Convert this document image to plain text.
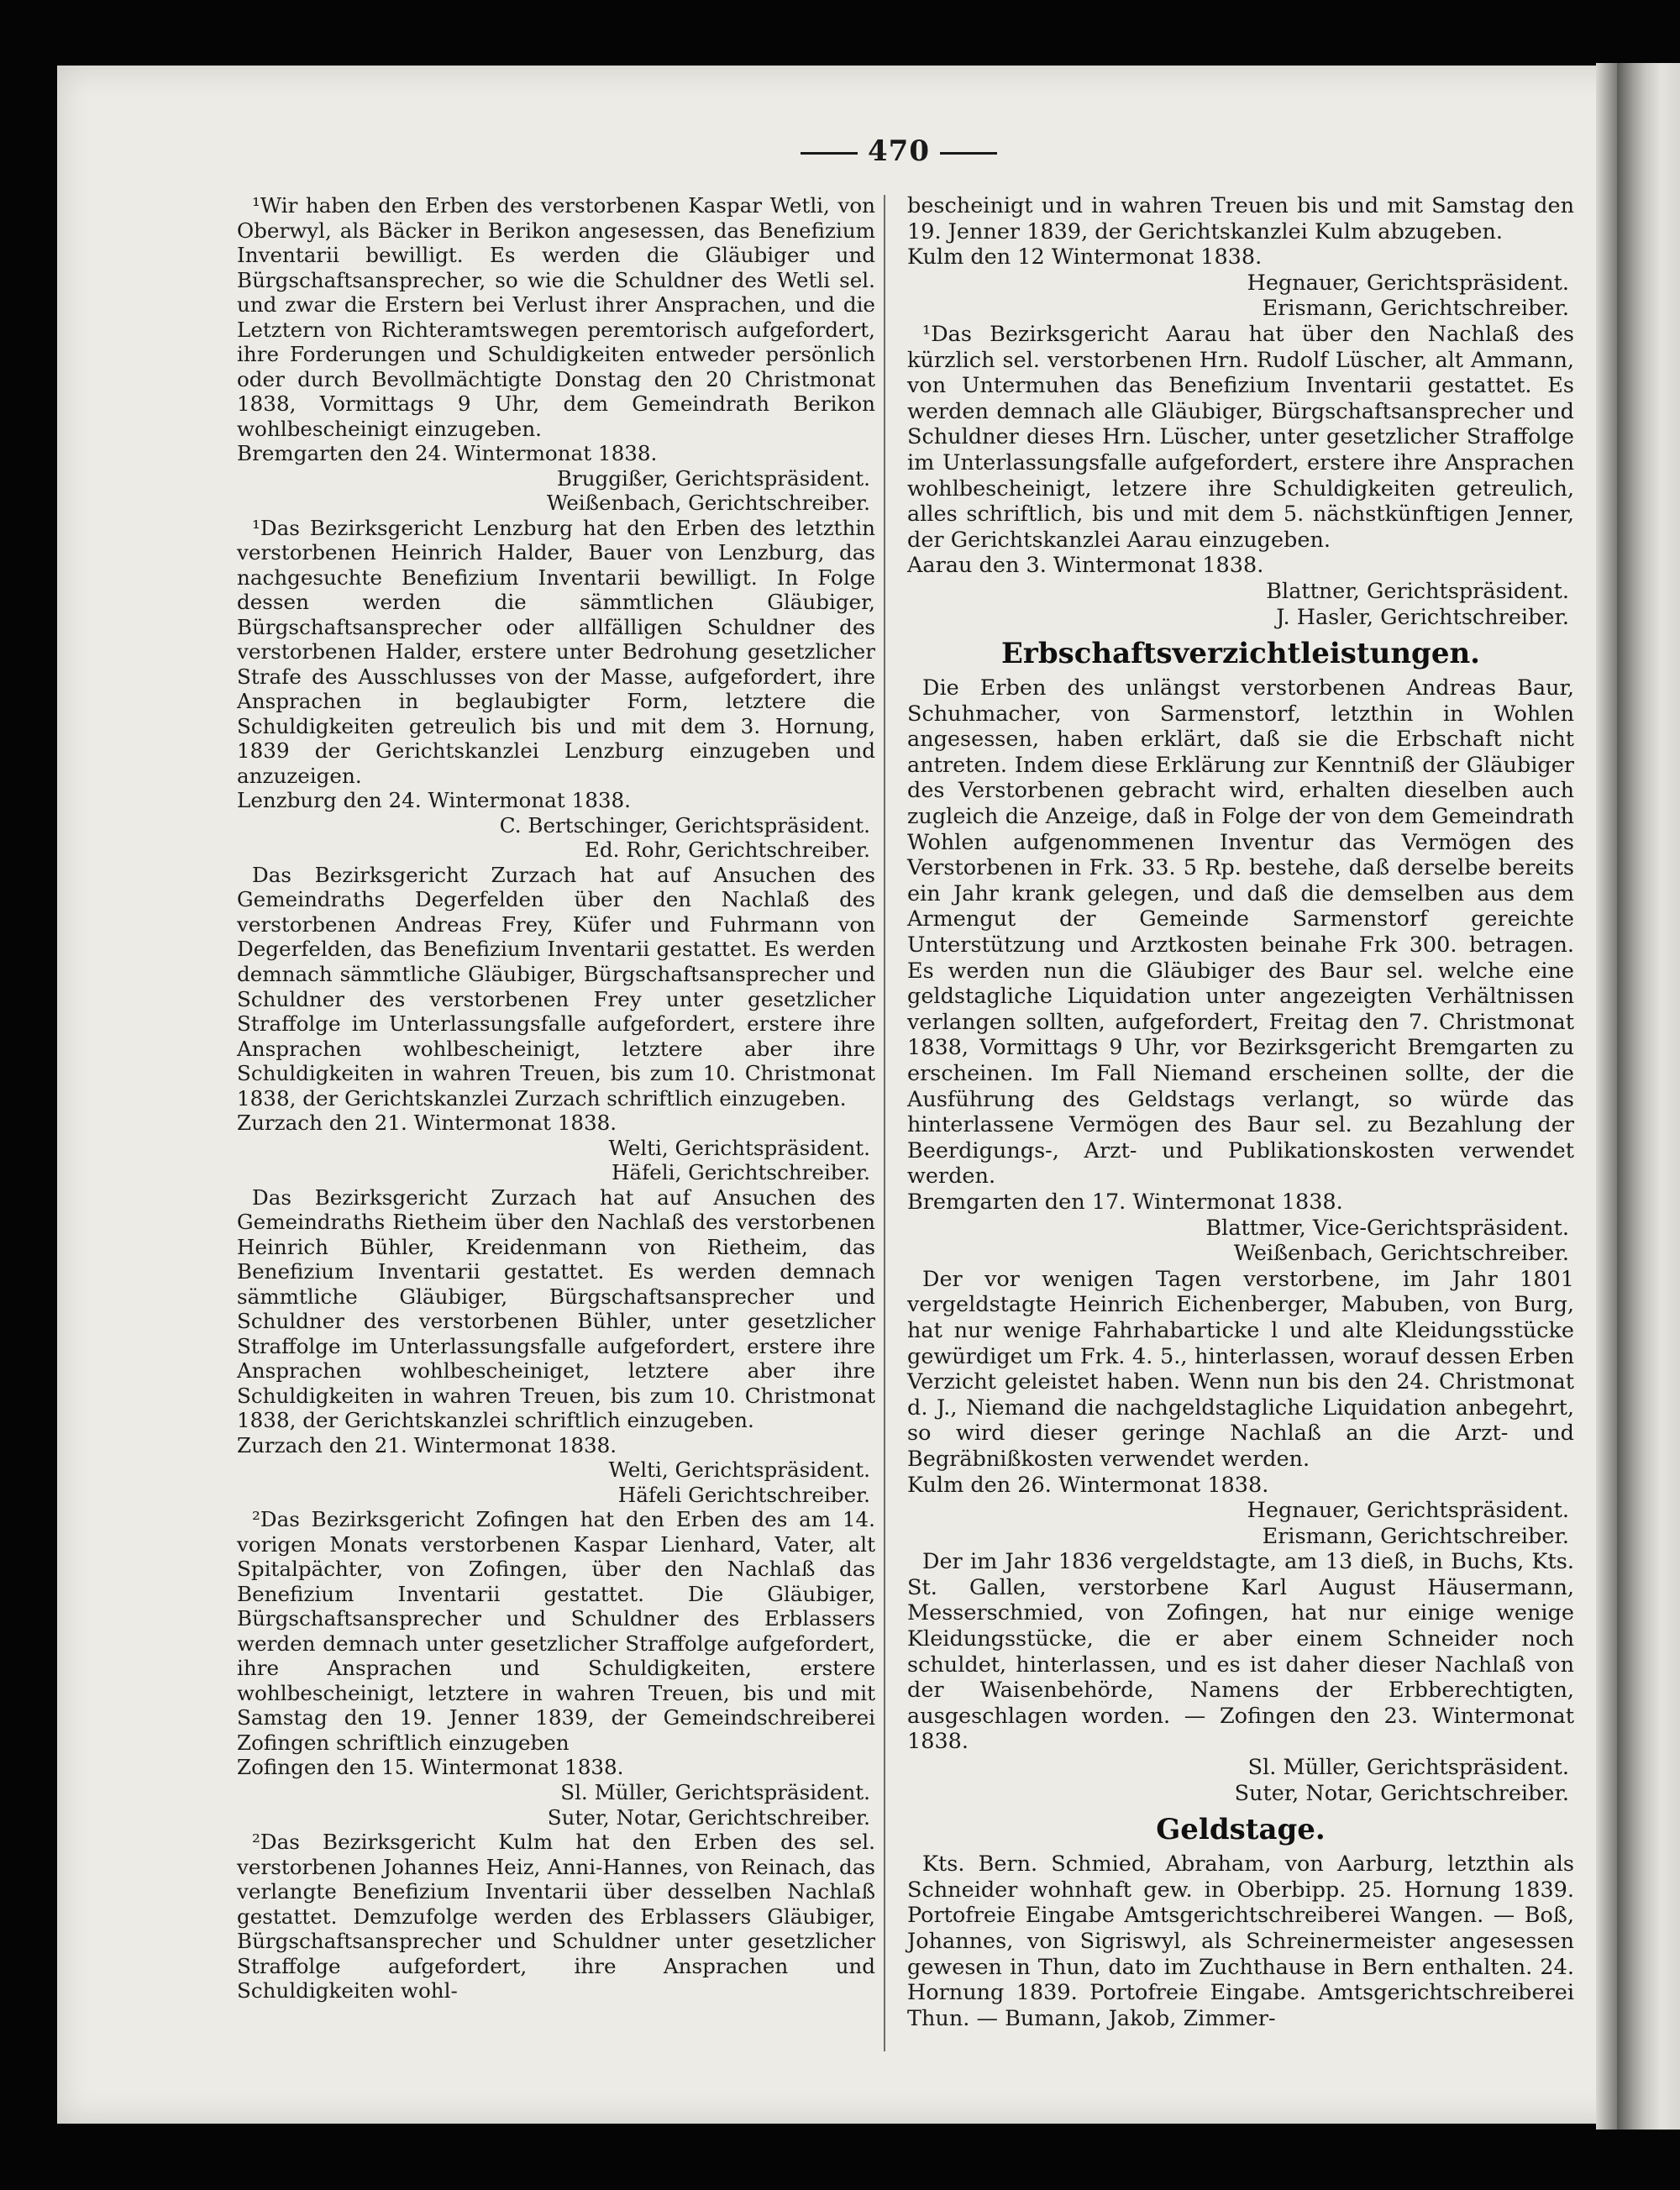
470

¹Wir haben den Erben des verstorbenen Kaspar Wetli, von Oberwyl, als Bäcker in Berikon angesessen, das Benefizium Inventarii bewilligt. Es werden die Gläubiger und Bürgschaftsansprecher, so wie die Schuldner des Wetli sel. und zwar die Erstern bei Verlust ihrer Ansprachen, und die Letztern von Richteramtswegen peremtorisch aufgefordert, ihre Forderungen und Schuldigkeiten entweder persönlich oder durch Bevollmächtigte Donstag den 20 Christmonat 1838, Vormittags 9 Uhr, dem Gemeindrath Berikon wohlbescheinigt einzugeben.

Bremgarten den 24. Wintermonat 1838.

Bruggißer, Gerichtspräsident.

Weißenbach, Gerichtschreiber.

¹Das Bezirksgericht Lenzburg hat den Erben des letzthin verstorbenen Heinrich Halder, Bauer von Lenzburg, das nachgesuchte Benefizium Inventarii bewilligt. In Folge dessen werden die sämmtlichen Gläubiger, Bürgschaftsansprecher oder allfälligen Schuldner des verstorbenen Halder, erstere unter Bedrohung gesetzlicher Strafe des Ausschlusses von der Masse, aufgefordert, ihre Ansprachen in beglaubigter Form, letztere die Schuldigkeiten getreulich bis und mit dem 3. Hornung, 1839 der Gerichtskanzlei Lenzburg einzugeben und anzuzeigen.

Lenzburg den 24. Wintermonat 1838.

C. Bertschinger, Gerichtspräsident.

Ed. Rohr, Gerichtschreiber.

Das Bezirksgericht Zurzach hat auf Ansuchen des Gemeindraths Degerfelden über den Nachlaß des verstorbenen Andreas Frey, Küfer und Fuhrmann von Degerfelden, das Benefizium Inventarii gestattet. Es werden demnach sämmtliche Gläubiger, Bürgschaftsansprecher und Schuldner des verstorbenen Frey unter gesetzlicher Straffolge im Unterlassungsfalle aufgefordert, erstere ihre Ansprachen wohlbescheinigt, letztere aber ihre Schuldigkeiten in wahren Treuen, bis zum 10. Christmonat 1838, der Gerichtskanzlei Zurzach schriftlich einzugeben.

Zurzach den 21. Wintermonat 1838.

Welti, Gerichtspräsident.

Häfeli, Gerichtschreiber.

Das Bezirksgericht Zurzach hat auf Ansuchen des Gemeindraths Rietheim über den Nachlaß des verstorbenen Heinrich Bühler, Kreidenmann von Rietheim, das Benefizium Inventarii gestattet. Es werden demnach sämmtliche Gläubiger, Bürgschaftsansprecher und Schuldner des verstorbenen Bühler, unter gesetzlicher Straffolge im Unterlassungsfalle aufgefordert, erstere ihre Ansprachen wohlbescheiniget, letztere aber ihre Schuldigkeiten in wahren Treuen, bis zum 10. Christmonat 1838, der Gerichtskanzlei schriftlich einzugeben.

Zurzach den 21. Wintermonat 1838.

Welti, Gerichtspräsident.

Häfeli Gerichtschreiber.

²Das Bezirksgericht Zofingen hat den Erben des am 14. vorigen Monats verstorbenen Kaspar Lienhard, Vater, alt Spitalpächter, von Zofingen, über den Nachlaß das Benefizium Inventarii gestattet. Die Gläubiger, Bürgschaftsansprecher und Schuldner des Erblassers werden demnach unter gesetzlicher Straffolge aufgefordert, ihre Ansprachen und Schuldigkeiten, erstere wohlbescheinigt, letztere in wahren Treuen, bis und mit Samstag den 19. Jenner 1839, der Gemeindschreiberei Zofingen schriftlich einzugeben

Zofingen den 15. Wintermonat 1838.

Sl. Müller, Gerichtspräsident.

Suter, Notar, Gerichtschreiber.

²Das Bezirksgericht Kulm hat den Erben des sel. verstorbenen Johannes Heiz, Anni-Hannes, von Reinach, das verlangte Benefizium Inventarii über desselben Nachlaß gestattet. Demzufolge werden des Erblassers Gläubiger, Bürgschaftsansprecher und Schuldner unter gesetzlicher Straffolge aufgefordert, ihre Ansprachen und Schuldigkeiten wohl-

bescheinigt und in wahren Treuen bis und mit Samstag den 19. Jenner 1839, der Gerichtskanzlei Kulm abzugeben.

Kulm den 12 Wintermonat 1838.

Hegnauer, Gerichtspräsident.

Erismann, Gerichtschreiber.

¹Das Bezirksgericht Aarau hat über den Nachlaß des kürzlich sel. verstorbenen Hrn. Rudolf Lüscher, alt Ammann, von Untermuhen das Benefizium Inventarii gestattet. Es werden demnach alle Gläubiger, Bürgschaftsansprecher und Schuldner dieses Hrn. Lüscher, unter gesetzlicher Straffolge im Unterlassungsfalle aufgefordert, erstere ihre Ansprachen wohlbescheinigt, letzere ihre Schuldigkeiten getreulich, alles schriftlich, bis und mit dem 5. nächstkünftigen Jenner, der Gerichtskanzlei Aarau einzugeben.

Aarau den 3. Wintermonat 1838.

Blattner, Gerichtspräsident.

J. Hasler, Gerichtschreiber.

Erbschaftsverzichtleistungen.

Die Erben des unlängst verstorbenen Andreas Baur, Schuhmacher, von Sarmenstorf, letzthin in Wohlen angesessen, haben erklärt, daß sie die Erbschaft nicht antreten. Indem diese Erklärung zur Kenntniß der Gläubiger des Verstorbenen gebracht wird, erhalten dieselben auch zugleich die Anzeige, daß in Folge der von dem Gemeindrath Wohlen aufgenommenen Inventur das Vermögen des Verstorbenen in Frk. 33. 5 Rp. bestehe, daß derselbe bereits ein Jahr krank gelegen, und daß die demselben aus dem Armengut der Gemeinde Sarmenstorf gereichte Unterstützung und Arztkosten beinahe Frk 300. betragen. Es werden nun die Gläubiger des Baur sel. welche eine geldstagliche Liquidation unter angezeigten Verhältnissen verlangen sollten, aufgefordert, Freitag den 7. Christmonat 1838, Vormittags 9 Uhr, vor Bezirksgericht Bremgarten zu erscheinen. Im Fall Niemand erscheinen sollte, der die Ausführung des Geldstags verlangt, so würde das hinterlassene Vermögen des Baur sel. zu Bezahlung der Beerdigungs-, Arzt- und Publikationskosten verwendet werden.

Bremgarten den 17. Wintermonat 1838.

Blattmer, Vice-Gerichtspräsident.

Weißenbach, Gerichtschreiber.

Der vor wenigen Tagen verstorbene, im Jahr 1801 vergeldstagte Heinrich Eichenberger, Mabuben, von Burg, hat nur wenige Fahrhabarticke l und alte Kleidungsstücke gewürdiget um Frk. 4. 5., hinterlassen, worauf dessen Erben Verzicht geleistet haben. Wenn nun bis den 24. Christmonat d. J., Niemand die nachgeldstagliche Liquidation anbegehrt, so wird dieser geringe Nachlaß an die Arzt- und Begräbnißkosten verwendet werden.

Kulm den 26. Wintermonat 1838.

Hegnauer, Gerichtspräsident.

Erismann, Gerichtschreiber.

Der im Jahr 1836 vergeldstagte, am 13 dieß, in Buchs, Kts. St. Gallen, verstorbene Karl August Häusermann, Messerschmied, von Zofingen, hat nur einige wenige Kleidungsstücke, die er aber einem Schneider noch schuldet, hinterlassen, und es ist daher dieser Nachlaß von der Waisenbehörde, Namens der Erbberechtigten, ausgeschlagen worden. — Zofingen den 23. Wintermonat 1838.

Sl. Müller, Gerichtspräsident.

Suter, Notar, Gerichtschreiber.

Geldstage.

Kts. Bern. Schmied, Abraham, von Aarburg, letzthin als Schneider wohnhaft gew. in Oberbipp. 25. Hornung 1839. Portofreie Eingabe Amtsgerichtschreiberei Wangen. — Boß, Johannes, von Sigriswyl, als Schreinermeister angesessen gewesen in Thun, dato im Zuchthause in Bern enthalten. 24. Hornung 1839. Portofreie Eingabe. Amtsgerichtschreiberei Thun. — Bumann, Jakob, Zimmer-
